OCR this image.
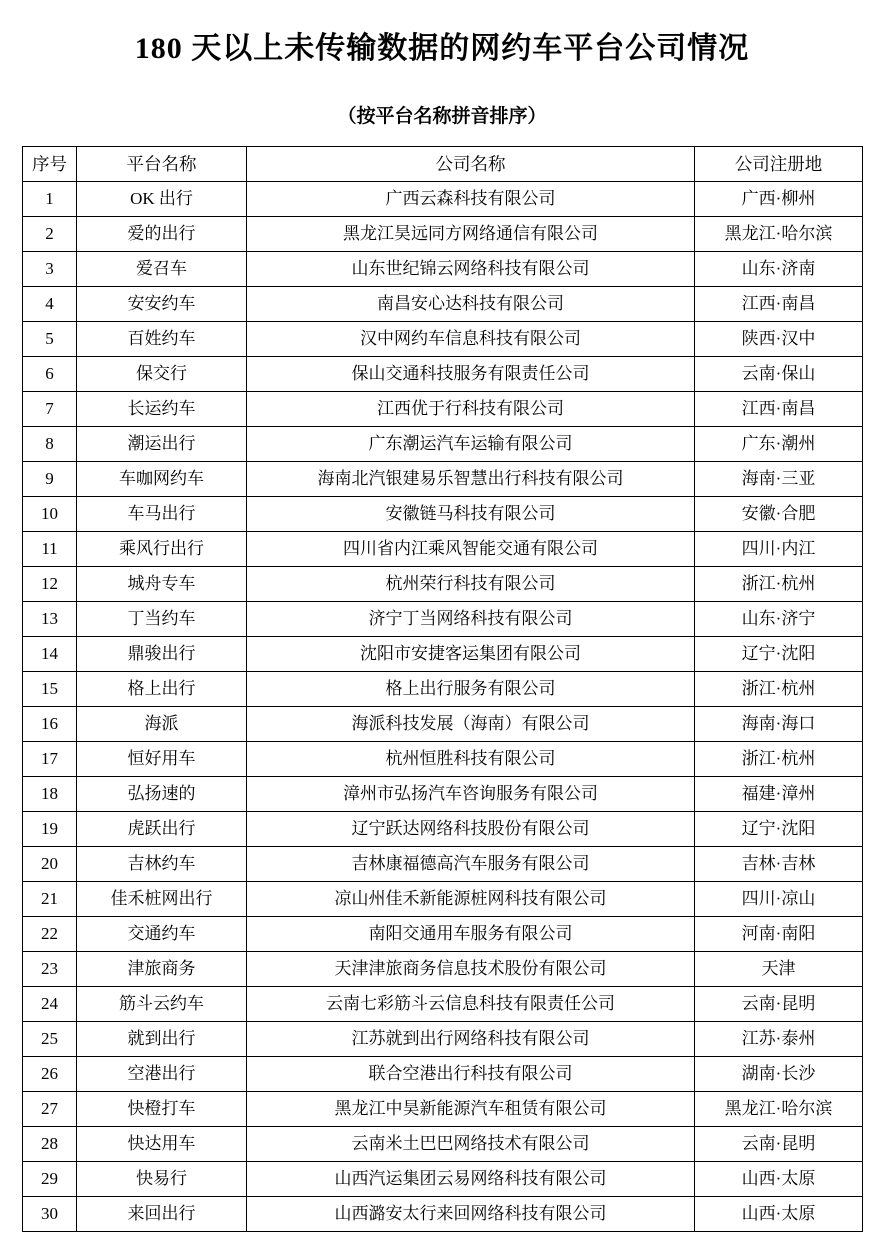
180 天以上未传输数据的网约车平台公司情况
（按平台名称拼音排序）
序号	平台名称	公司名称	公司注册地
1	OK 出行	广西云森科技有限公司	广西·柳州
2	爱的出行	黑龙江昊远同方网络通信有限公司	黑龙江·哈尔滨
3	爱召车	山东世纪锦云网络科技有限公司	山东·济南
4	安安约车	南昌安心达科技有限公司	江西·南昌
5	百姓约车	汉中网约车信息科技有限公司	陕西·汉中
6	保交行	保山交通科技服务有限责任公司	云南·保山
7	长运约车	江西优于行科技有限公司	江西·南昌
8	潮运出行	广东潮运汽车运输有限公司	广东·潮州
9	车咖网约车	海南北汽银建易乐智慧出行科技有限公司	海南·三亚
10	车马出行	安徽链马科技有限公司	安徽·合肥
11	乘风行出行	四川省内江乘风智能交通有限公司	四川·内江
12	城舟专车	杭州荣行科技有限公司	浙江·杭州
13	丁当约车	济宁丁当网络科技有限公司	山东·济宁
14	鼎骏出行	沈阳市安捷客运集团有限公司	辽宁·沈阳
15	格上出行	格上出行服务有限公司	浙江·杭州
16	海派	海派科技发展（海南）有限公司	海南·海口
17	恒好用车	杭州恒胜科技有限公司	浙江·杭州
18	弘扬速的	漳州市弘扬汽车咨询服务有限公司	福建·漳州
19	虎跃出行	辽宁跃达网络科技股份有限公司	辽宁·沈阳
20	吉林约车	吉林康福德高汽车服务有限公司	吉林·吉林
21	佳禾桩网出行	凉山州佳禾新能源桩网科技有限公司	四川·凉山
22	交通约车	南阳交通用车服务有限公司	河南·南阳
23	津旅商务	天津津旅商务信息技术股份有限公司	天津
24	筋斗云约车	云南七彩筋斗云信息科技有限责任公司	云南·昆明
25	就到出行	江苏就到出行网络科技有限公司	江苏·泰州
26	空港出行	联合空港出行科技有限公司	湖南·长沙
27	快橙打车	黑龙江中昊新能源汽车租赁有限公司	黑龙江·哈尔滨
28	快达用车	云南米土巴巴网络技术有限公司	云南·昆明
29	快易行	山西汽运集团云易网络科技有限公司	山西·太原
30	来回出行	山西潞安太行来回网络科技有限公司	山西·太原
